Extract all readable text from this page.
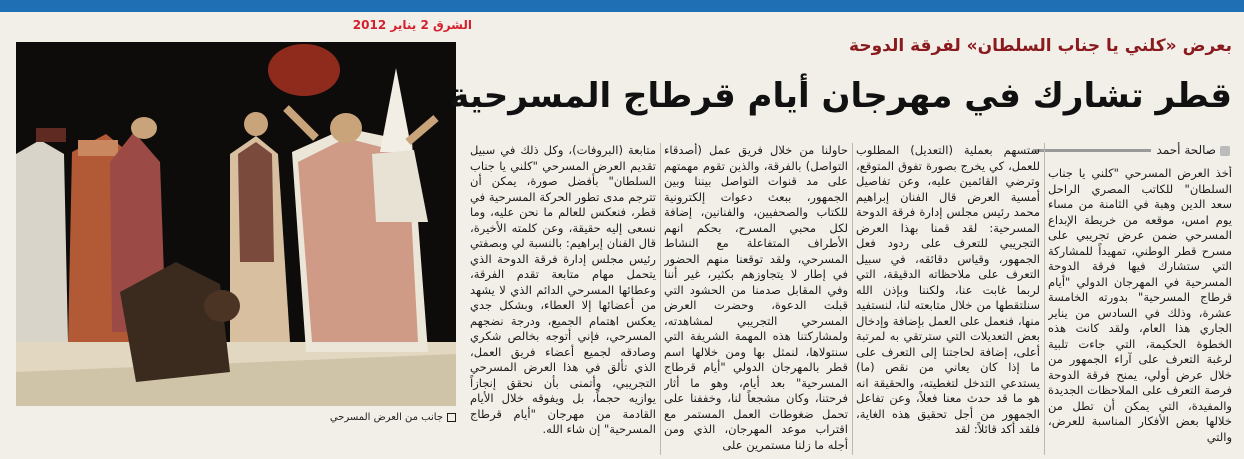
الشرق 2 يناير 2012
جانب من العرض المسرحي
بعرض «كلني يا جناب السلطان» لفرقة الدوحة
قطر تشارك في مهرجان أيام قرطاج المسرحية
صالحة أحمد
أخذ العرض المسرحي "كلني يا جناب السلطان" للكاتب المصري الراحل سعد الدين وهبة في الثامنة من مساء يوم امس، موقعه من خريطة الإبداع المسرحي ضمن عرض تجريبي على مسرح قطر الوطني، تمهيداً للمشاركة التي ستشارك فيها فرقة الدوحة المسرحية في المهرجان الدولي "أيام قرطاج المسرحية" بدورته الخامسة عشرة، وذلك في السادس من يناير الجاري هذا العام، ولقد كانت هذه الخطوة الحكيمة، التي جاءت تلبية لرغبة التعرف على آراء الجمهور من خلال عرض أولي، يمنح فرقة الدوحة فرصة التعرف على الملاحظات الجديدة والمفيدة، التي يمكن أن تطل من خلالها بعض الأفكار المناسبة للعرض، والتي
ستسهم بعملية (التعديل) المطلوب للعمل، كي يخرج بصورة تفوق المتوقع، وترضي القائمين عليه، وعن تفاصيل أمسية العرض قال الفنان إبراهيم محمد رئيس مجلس إدارة فرقة الدوحة المسرحية: لقد قمنا بهذا العرض التجريبي للتعرف على ردود فعل الجمهور، وقياس دقائقه، في سبيل التعرف على ملاحظاته الدقيقة، التي لربما غابت عنا، ولكننا وبإذن الله سنلتقطها من خلال متابعته لنا، لنستفيد منها، فنعمل على العمل بإضافة وإدخال بعض التعديلات التي سترتقي به لمرتبة أعلى، إضافة لحاجتنا إلى التعرف على ما إذا كان يعاني من نقص (ما) يستدعي التدخل لتغطيته، والحقيقة انه هو ما قد حدث معنا فعلاً، وعن تفاعل الجمهور من أجل تحقيق هذه الغاية، فلقد أكد قائلاً: لقد
حاولنا من خلال فريق عمل (أصدقاء التواصل) بالفرقة، والذين تقوم مهمتهم على مد قنوات التواصل بيننا وبين الجمهور، ببعث دعوات إلكترونية للكتاب والصحفيين، والفنانين، إضافة لكل محبي المسرح، بحكم انهم الأطراف المتفاعلة مع النشاط المسرحي، ولقد توقعنا منهم الحضور في إطار لا يتجاوزهم بكثير، غير أننا وفي المقابل صدمنا من الحشود التي قبلت الدعوة، وحضرت العرض المسرحي التجريبي لمشاهدته، ولمشاركتنا هذه المهمة الشريفة التي سنتولاها، لنمثل بها ومن خلالها اسم قطر بالمهرجان الدولي "أيام قرطاج المسرحية" بعد أيام، وهو ما أثار فرحتنا، وكان مشجعاً لنا، وخففنا على تحمل ضغوطات العمل المستمر مع اقتراب موعد المهرجان، الذي ومن أجله ما زلنا مستمرين على
متابعة (البروفات)، وكل ذلك في سبيل تقديم العرض المسرحي "كلني يا جناب السلطان" بأفضل صورة، يمكن أن تترجم مدى تطور الحركة المسرحية في قطر، فنعكس للعالم ما نحن عليه، وما نسعى إليه حقيقة، وعن كلمته الأخيرة، قال الفنان إبراهيم: بالنسبة لي وبصفتي رئيس مجلس إدارة فرقة الدوحة الذي يتحمل مهام متابعة تقدم الفرقة، وعطائها المسرحي الدائم الذي لا يشهد من أعضائها إلا العطاء، وبشكل جدي يعكس اهتمام الجميع، ودرجة نضجهم المسرحي، فإني أتوجه بخالص شكري وصادقه لجميع أعضاء فريق العمل، الذي تألق في هذا العرض المسرحي التجريبي، وأتمنى بأن نحقق إنجازاً يوازيه حجماً، بل ويفوقه خلال الأيام القادمة من مهرجان "أيام قرطاج المسرحية" إن شاء الله.
